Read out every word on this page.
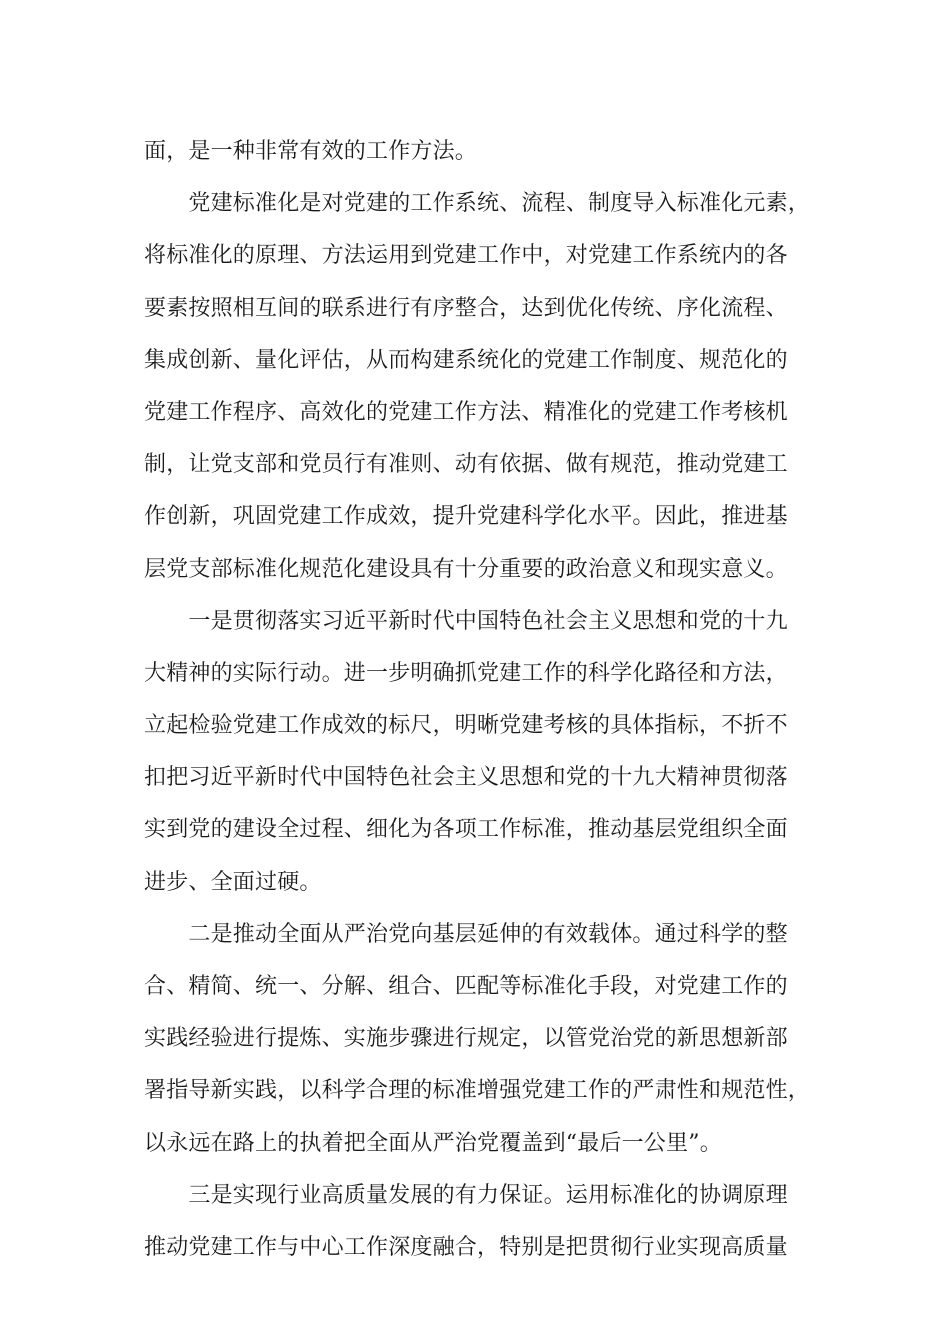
面，是一种非常有效的工作方法。
　　党建标准化是对党建的工作系统、流程、制度导入标准化元素，
将标准化的原理、方法运用到党建工作中，对党建工作系统内的各
要素按照相互间的联系进行有序整合，达到优化传统、序化流程、
集成创新、量化评估，从而构建系统化的党建工作制度、规范化的
党建工作程序、高效化的党建工作方法、精准化的党建工作考核机
制，让党支部和党员行有准则、动有依据、做有规范，推动党建工
作创新，巩固党建工作成效，提升党建科学化水平。因此，推进基
层党支部标准化规范化建设具有十分重要的政治意义和现实意义。
　　一是贯彻落实习近平新时代中国特色社会主义思想和党的十九
大精神的实际行动。进一步明确抓党建工作的科学化路径和方法，
立起检验党建工作成效的标尺，明晰党建考核的具体指标，不折不
扣把习近平新时代中国特色社会主义思想和党的十九大精神贯彻落
实到党的建设全过程、细化为各项工作标准，推动基层党组织全面
进步、全面过硬。
　　二是推动全面从严治党向基层延伸的有效载体。通过科学的整
合、精简、统一、分解、组合、匹配等标准化手段，对党建工作的
实践经验进行提炼、实施步骤进行规定，以管党治党的新思想新部
署指导新实践，以科学合理的标准增强党建工作的严肃性和规范性，
以永远在路上的执着把全面从严治党覆盖到“最后一公里”。
　　三是实现行业高质量发展的有力保证。运用标准化的协调原理
推动党建工作与中心工作深度融合，特别是把贯彻行业实现高质量
